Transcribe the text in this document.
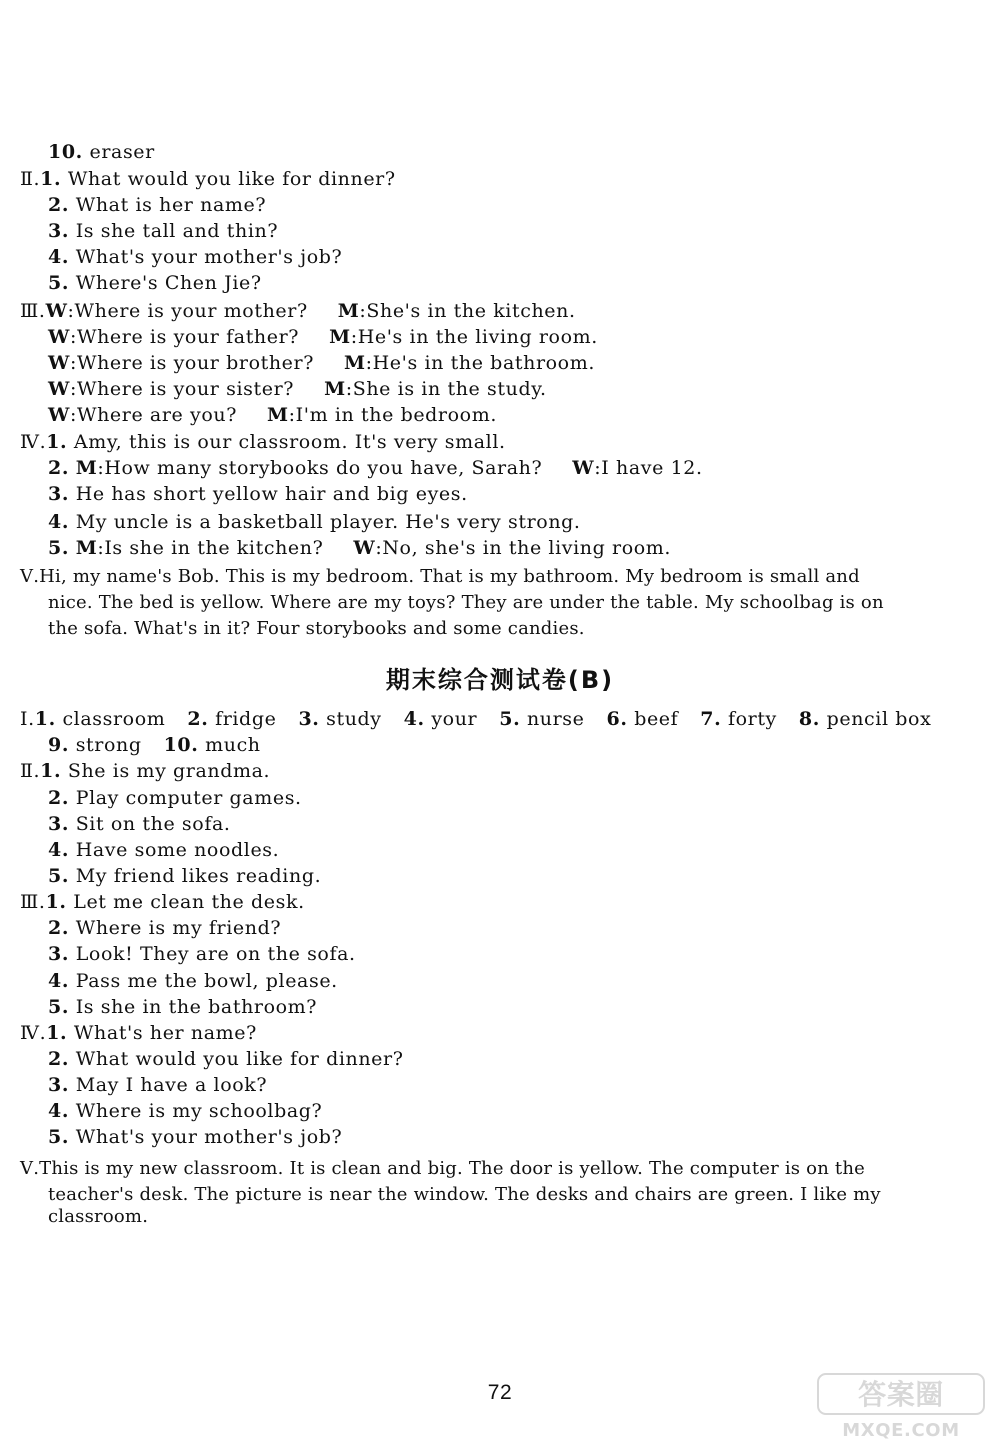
10. eraser

Ⅱ.1. What would you like for dinner?

2. What is her name?

3. Is she tall and thin?

4. What's your mother's job?

5. Where's Chen Jie?

Ⅲ.W:Where is your mother? M:She's in the kitchen.

W:Where is your father? M:He's in the living room.

W:Where is your brother? M:He's in the bathroom.

W:Where is your sister? M:She is in the study.

W:Where are you? M:I'm in the bedroom.

Ⅳ.1. Amy, this is our classroom. It's very small.

2. M:How many storybooks do you have, Sarah? W:I have 12.

3. He has short yellow hair and big eyes.

4. My uncle is a basketball player. He's very strong.

5. M:Is she in the kitchen? W:No, she's in the living room.

Ⅴ.Hi, my name's Bob. This is my bedroom. That is my bathroom. My bedroom is small and

nice. The bed is yellow. Where are my toys? They are under the table. My schoolbag is on

the sofa. What's in it? Four storybooks and some candies.

期末综合测试卷(B)

Ⅰ.1. classroom 2. fridge 3. study 4. your 5. nurse 6. beef 7. forty 8. pencil box

9. strong 10. much

Ⅱ.1. She is my grandma.

2. Play computer games.

3. Sit on the sofa.

4. Have some noodles.

5. My friend likes reading.

Ⅲ.1. Let me clean the desk.

2. Where is my friend?

3. Look! They are on the sofa.

4. Pass me the bowl, please.

5. Is she in the bathroom?

Ⅳ.1. What's her name?

2. What would you like for dinner?

3. May I have a look?

4. Where is my schoolbag?

5. What's your mother's job?

Ⅴ.This is my new classroom. It is clean and big. The door is yellow. The computer is on the

teacher's desk. The picture is near the window. The desks and chairs are green. I like my

classroom.

72	答案圈
MXQE.COM
